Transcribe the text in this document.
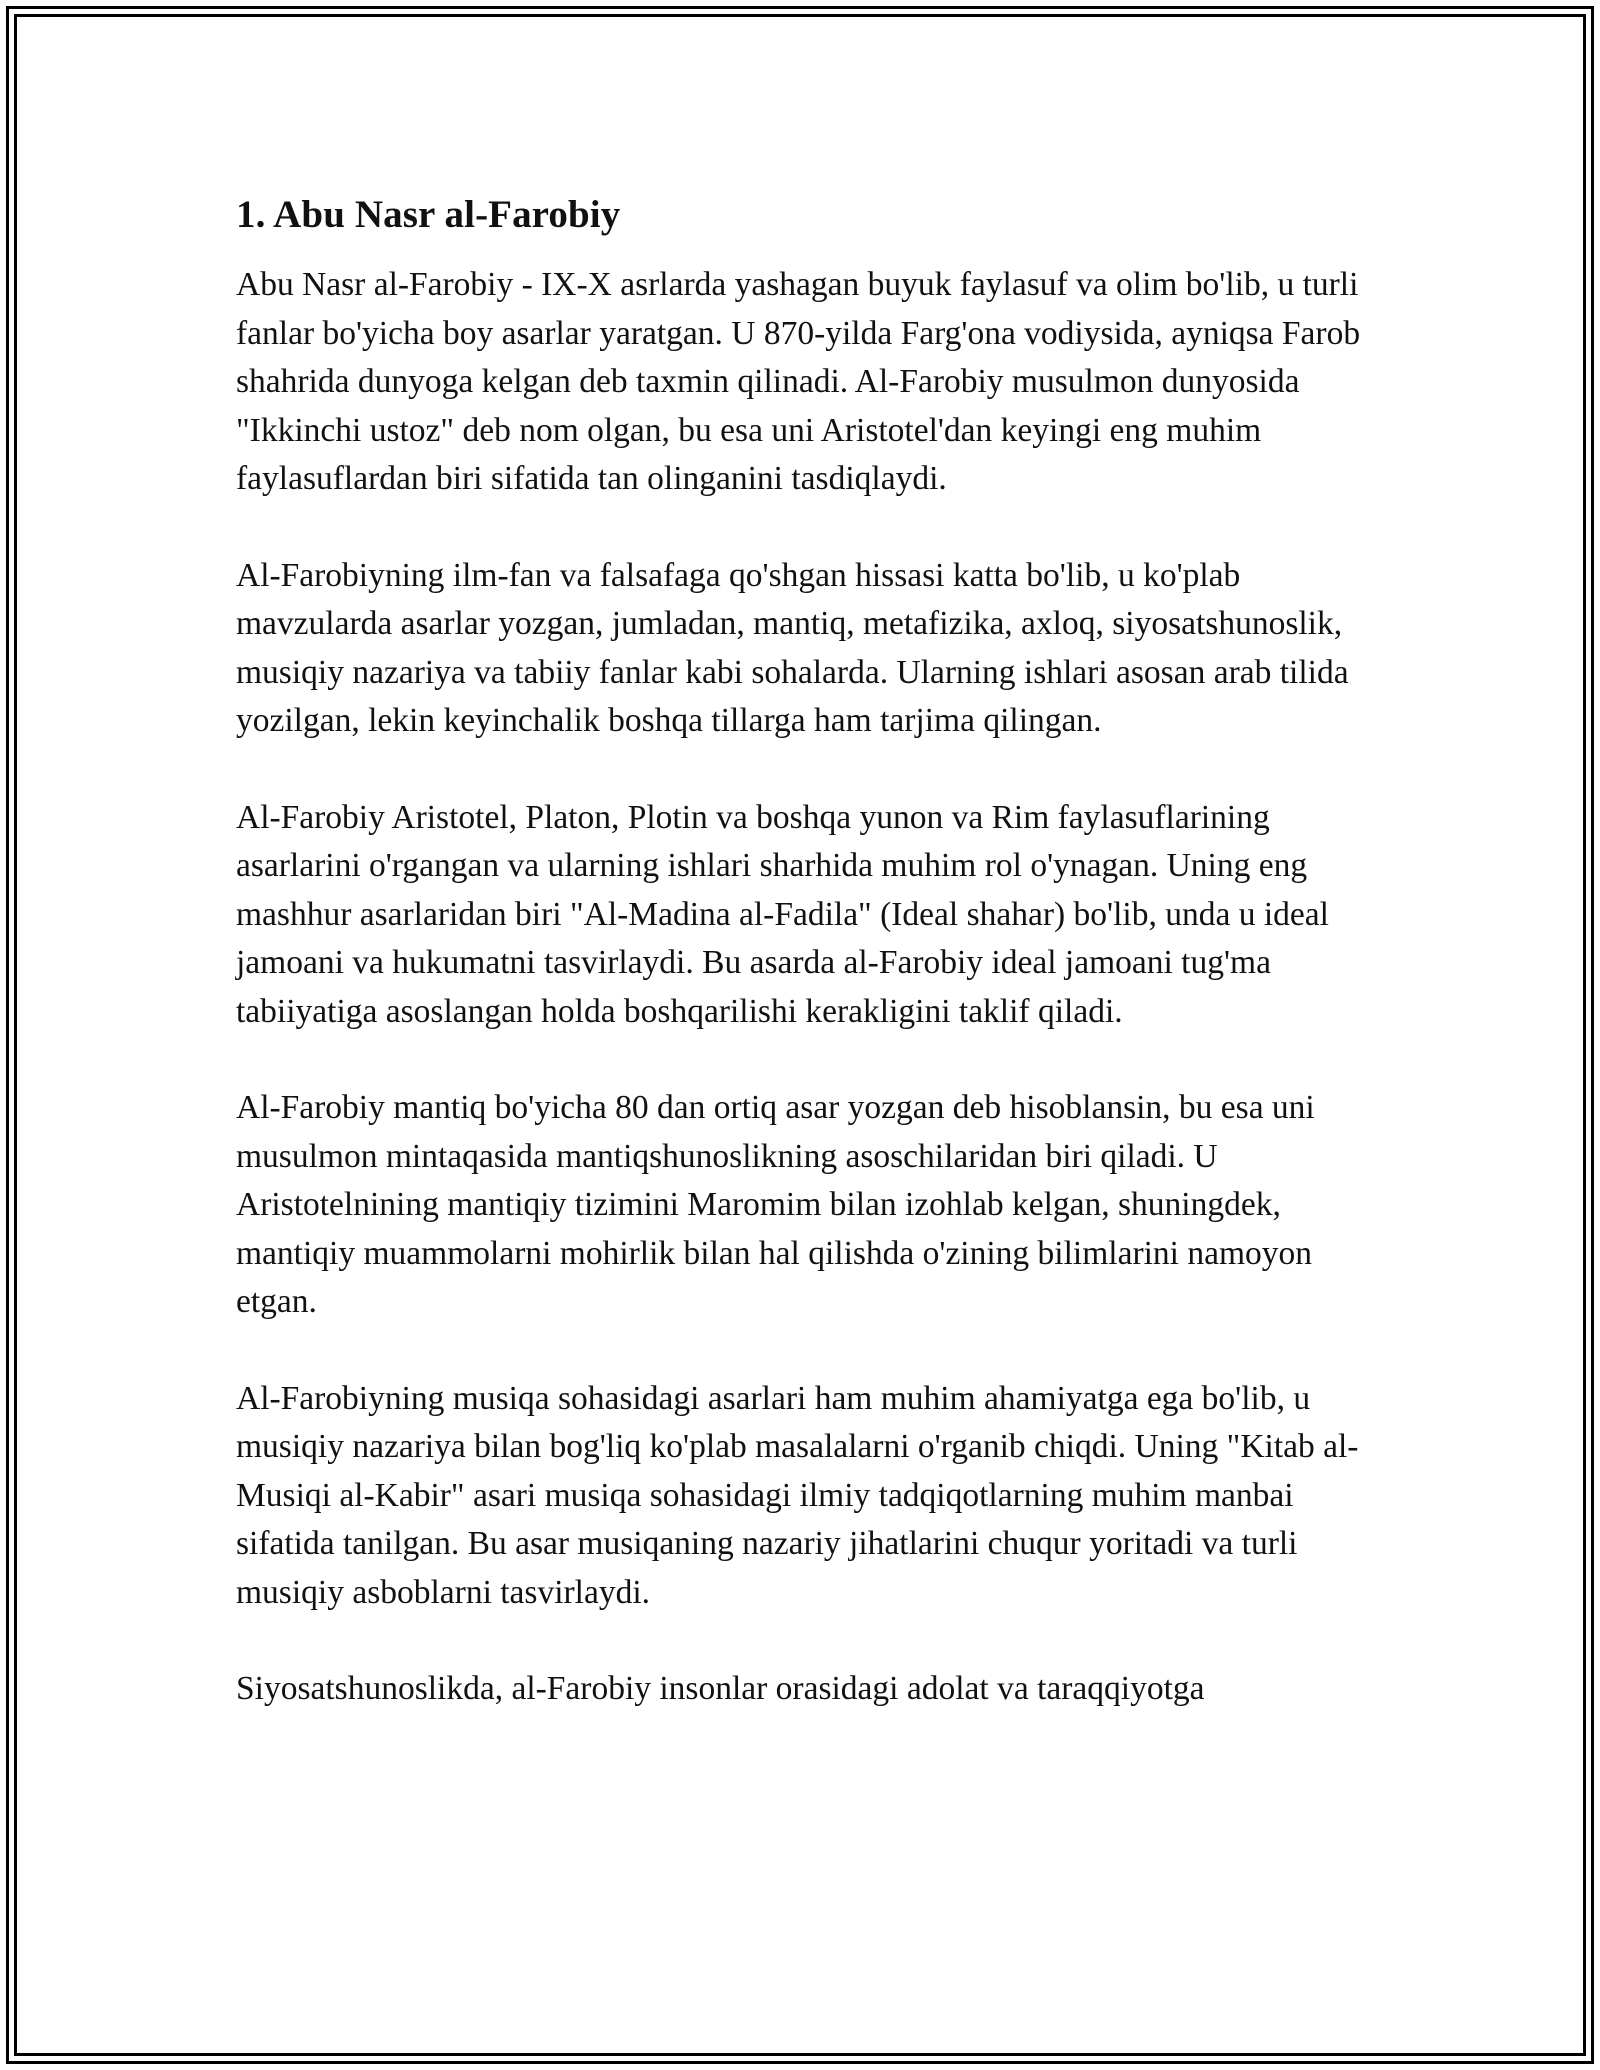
1. Abu Nasr al-Farobiy

Abu Nasr al-Farobiy - IX-X asrlarda yashagan buyuk faylasuf va olim bo'lib, u turli fanlar bo'yicha boy asarlar yaratgan. U 870-yilda Farg'ona vodiysida, ayniqsa Farob shahrida dunyoga kelgan deb taxmin qilinadi. Al-Farobiy musulmon dunyosida "Ikkinchi ustoz" deb nom olgan, bu esa uni Aristotel'dan keyingi eng muhim faylasuflardan biri sifatida tan olinganini tasdiqlaydi.

Al-Farobiyning ilm-fan va falsafaga qo'shgan hissasi katta bo'lib, u ko'plab mavzularda asarlar yozgan, jumladan, mantiq, metafizika, axloq, siyosatshunoslik, musiqiy nazariya va tabiiy fanlar kabi sohalarda. Ularning ishlari asosan arab tilida yozilgan, lekin keyinchalik boshqa tillarga ham tarjima qilingan.

Al-Farobiy Aristotel, Platon, Plotin va boshqa yunon va Rim faylasuflarining asarlarini o'rgangan va ularning ishlari sharhida muhim rol o'ynagan. Uning eng mashhur asarlaridan biri "Al-Madina al-Fadila" (Ideal shahar) bo'lib, unda u ideal jamoani va hukumatni tasvirlaydi. Bu asarda al-Farobiy ideal jamoani tug'ma tabiiyatiga asoslangan holda boshqarilishi kerakligini taklif qiladi.

Al-Farobiy mantiq bo'yicha 80 dan ortiq asar yozgan deb hisoblansin, bu esa uni musulmon mintaqasida mantiqshunoslikning asoschilaridan biri qiladi. U Aristotelnining mantiqiy tizimini Maromim bilan izohlab kelgan, shuningdek, mantiqiy muammolarni mohirlik bilan hal qilishda o'zining bilimlarini namoyon etgan.

Al-Farobiyning musiqa sohasidagi asarlari ham muhim ahamiyatga ega bo'lib, u musiqiy nazariya bilan bog'liq ko'plab masalalarni o'rganib chiqdi. Uning "Kitab al-Musiqi al-Kabir" asari musiqa sohasidagi ilmiy tadqiqotlarning muhim manbai sifatida tanilgan. Bu asar musiqaning nazariy jihatlarini chuqur yoritadi va turli musiqiy asboblarni tasvirlaydi.

Siyosatshunoslikda, al-Farobiy insonlar orasidagi adolat va taraqqiyotga
